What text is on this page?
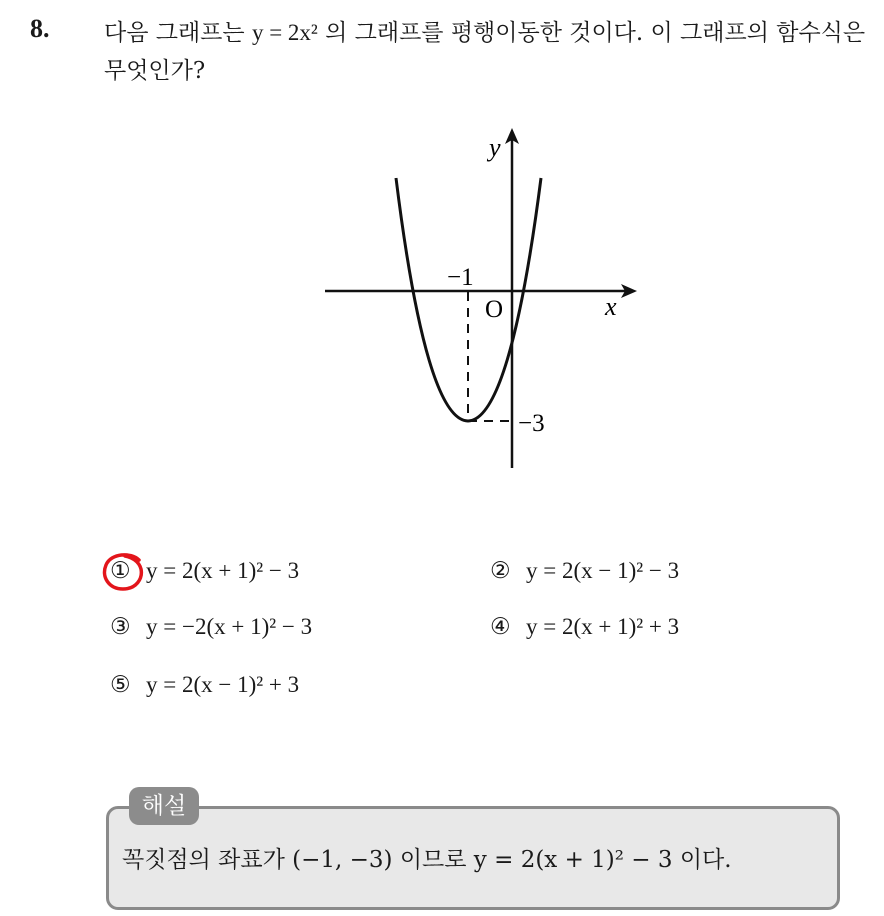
8. 다음 그래프는 y = 2x² 의 그래프를 평행이동한 것이다. 이 그래프의 함수식은 무엇인가?
y
x
O
−1
−3
① y = 2(x + 1)² − 3	② y = 2(x − 1)² − 3
③ y = −2(x + 1)² − 3	④ y = 2(x + 1)² + 3
⑤ y = 2(x − 1)² + 3
해설
꼭짓점의 좌표가 (−1, −3) 이므로 y = 2(x + 1)² − 3 이다.
